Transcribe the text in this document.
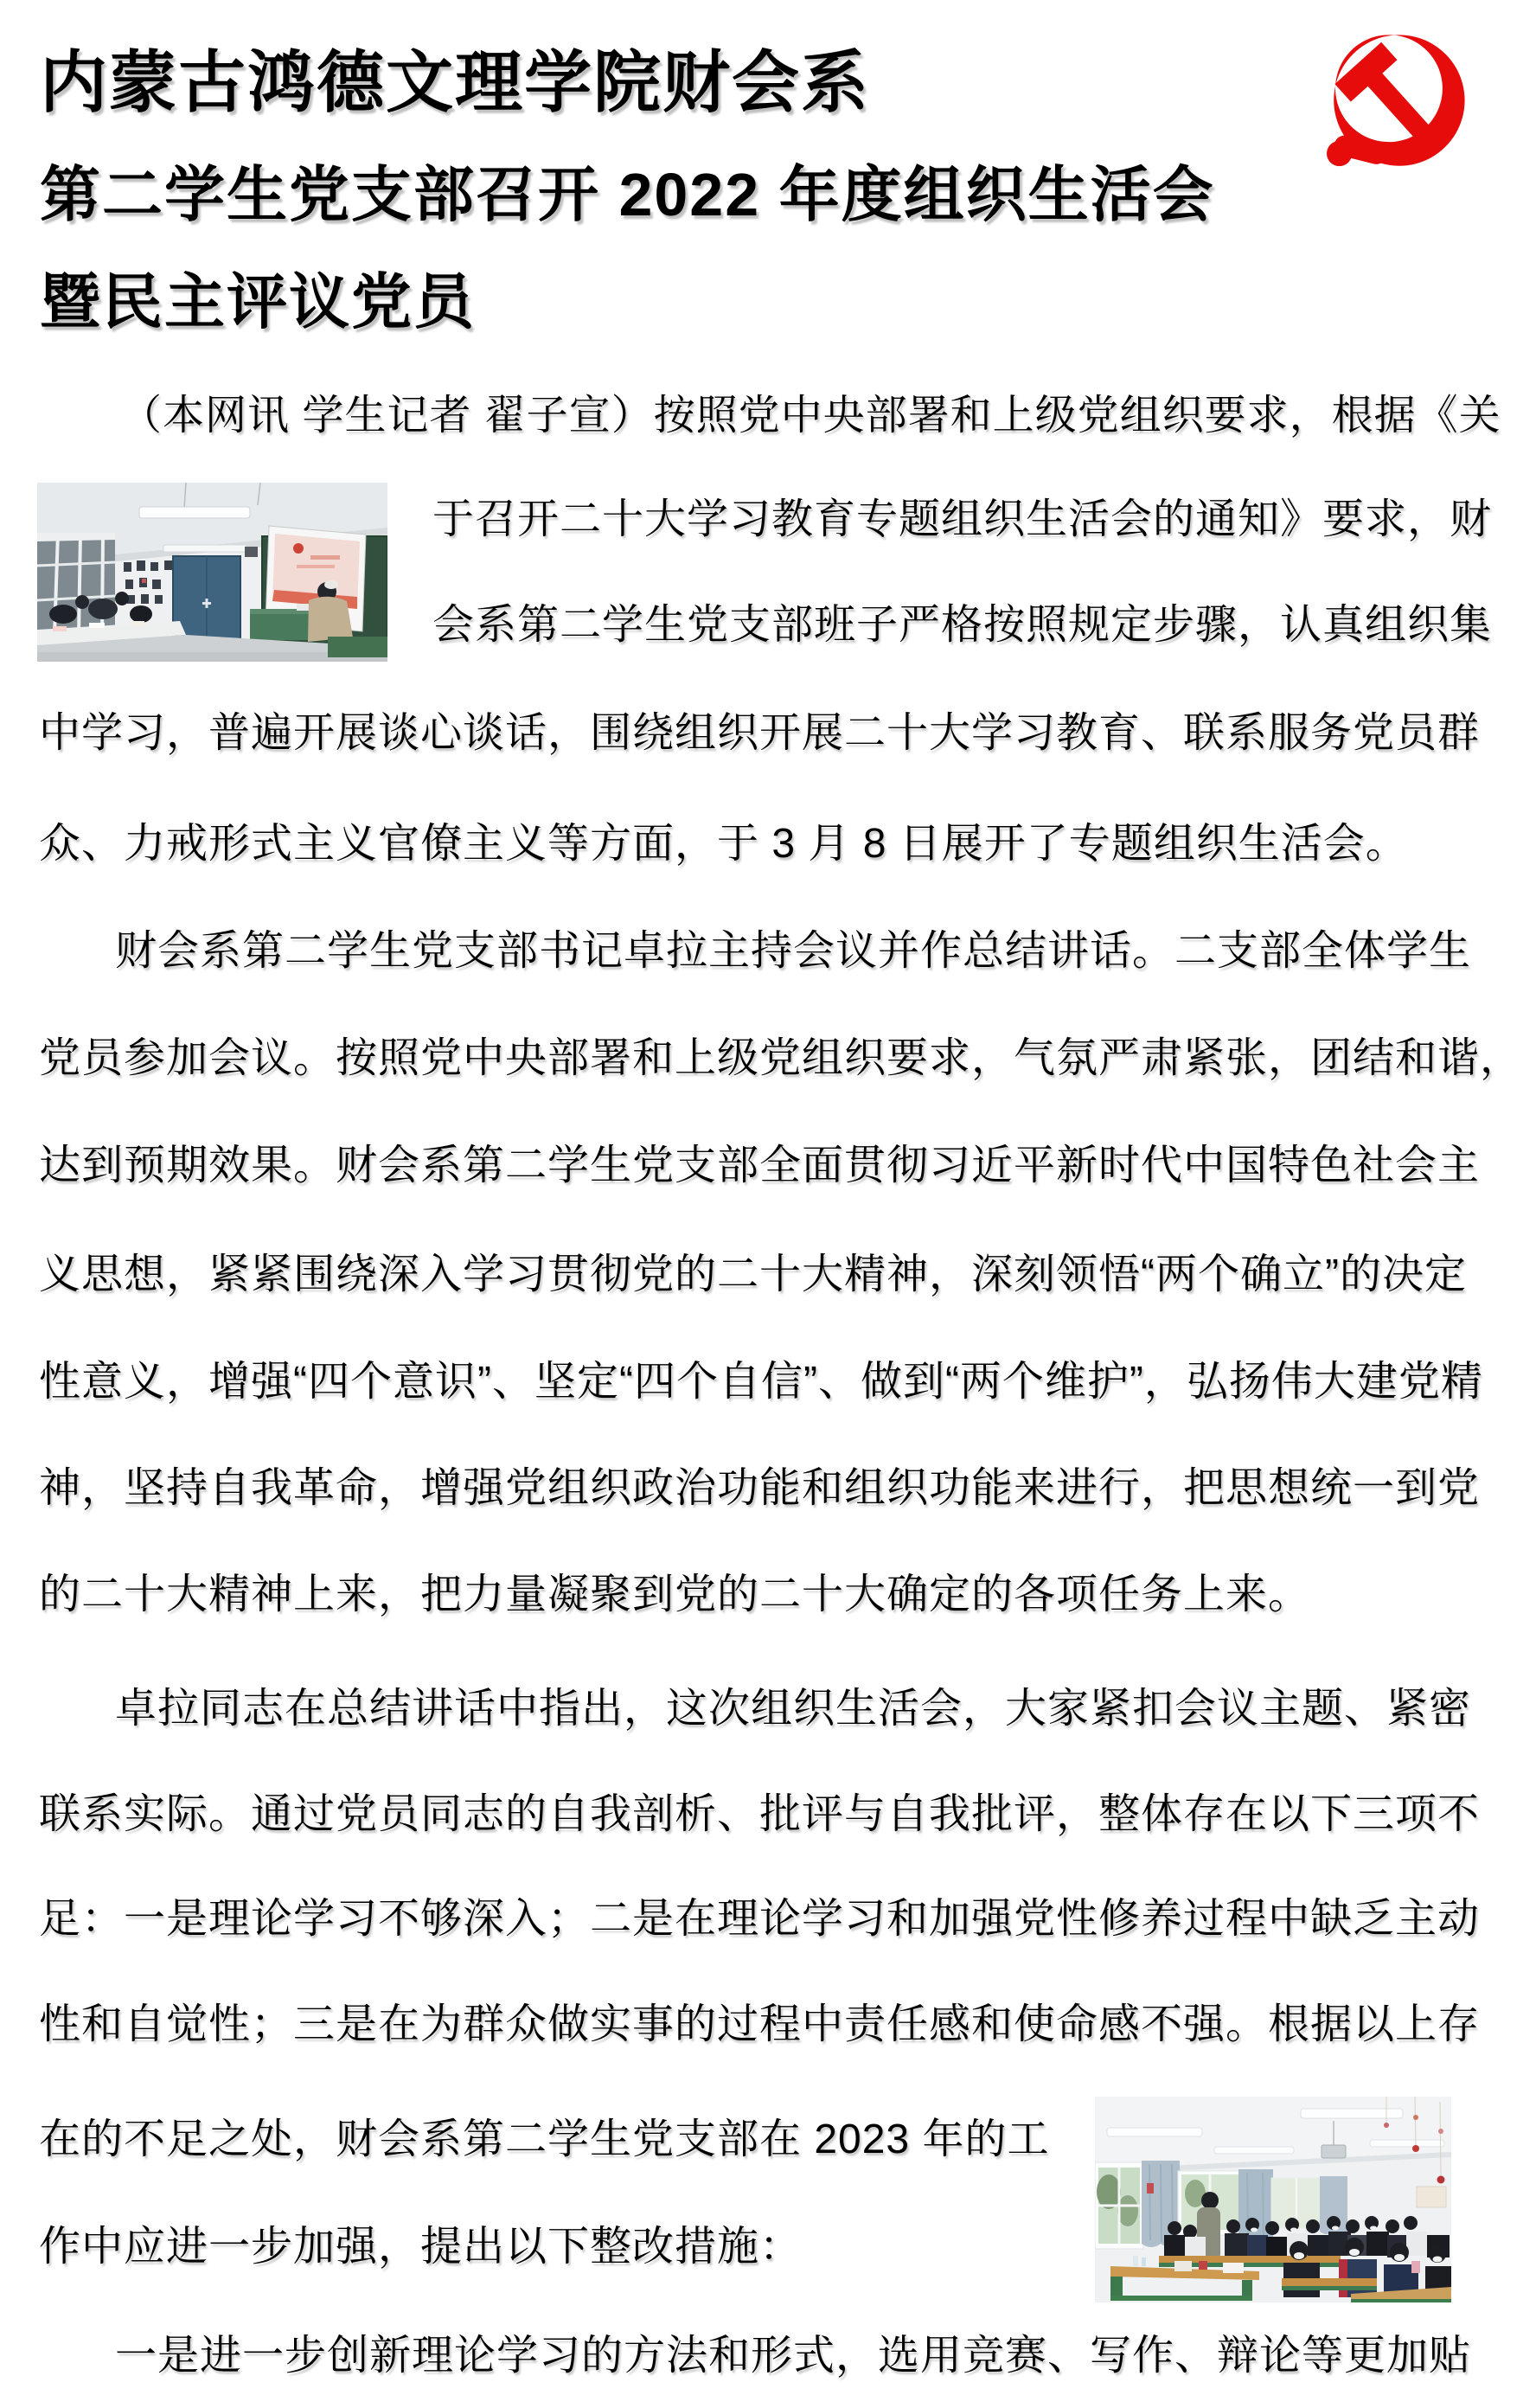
内蒙古鸿德文理学院财会系
第二学生党支部召开 2022 年度组织生活会
暨民主评议党员
（本网讯 学生记者 翟子宣）按照党中央部署和上级党组织要求，根据《关
于召开二十大学习教育专题组织生活会的通知》要求，财
会系第二学生党支部班子严格按照规定步骤，认真组织集
中学习，普遍开展谈心谈话，围绕组织开展二十大学习教育、联系服务党员群
众、力戒形式主义官僚主义等方面，于 3 月 8 日展开了专题组织生活会。
财会系第二学生党支部书记卓拉主持会议并作总结讲话。二支部全体学生
党员参加会议。按照党中央部署和上级党组织要求，气氛严肃紧张，团结和谐，
达到预期效果。财会系第二学生党支部全面贯彻习近平新时代中国特色社会主
义思想，紧紧围绕深入学习贯彻党的二十大精神，深刻领悟“两个确立”的决定
性意义，增强“四个意识”、坚定“四个自信”、做到“两个维护”，弘扬伟大建党精
神，坚持自我革命，增强党组织政治功能和组织功能来进行，把思想统一到党
的二十大精神上来，把力量凝聚到党的二十大确定的各项任务上来。
卓拉同志在总结讲话中指出，这次组织生活会，大家紧扣会议主题、紧密
联系实际。通过党员同志的自我剖析、批评与自我批评，整体存在以下三项不
足：一是理论学习不够深入；二是在理论学习和加强党性修养过程中缺乏主动
性和自觉性；三是在为群众做实事的过程中责任感和使命感不强。根据以上存
在的不足之处，财会系第二学生党支部在 2023 年的工
作中应进一步加强，提出以下整改措施：
一是进一步创新理论学习的方法和形式，选用竞赛、写作、辩论等更加贴
